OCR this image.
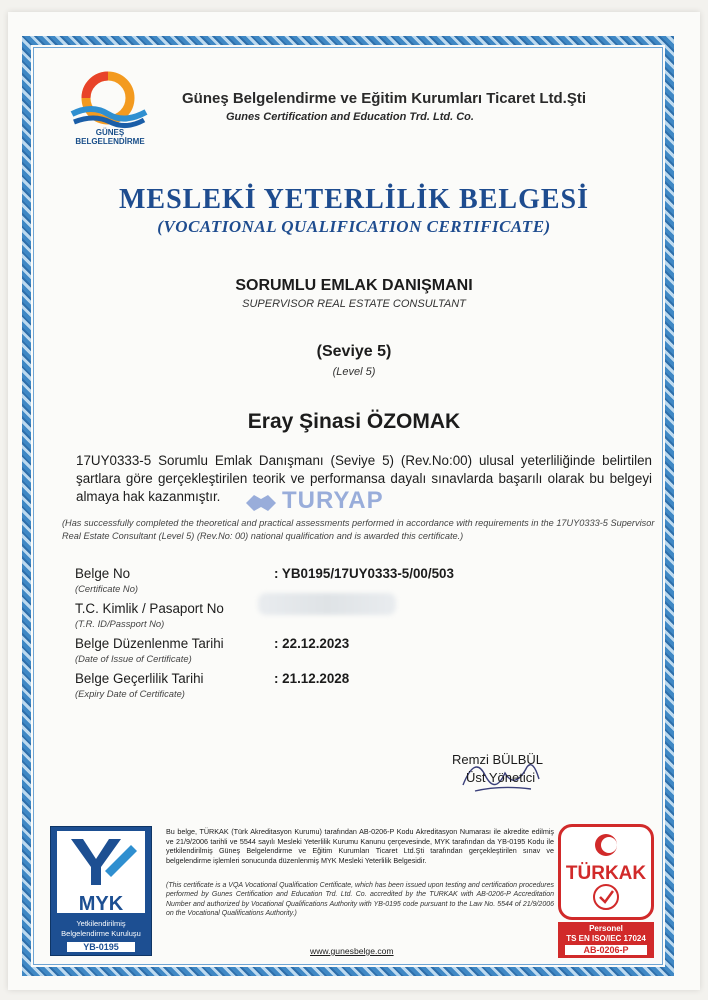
GÜNEŞ
BELGELENDİRME
Güneş Belgelendirme ve Eğitim Kurumları Ticaret Ltd.Şti
Gunes Certification and Education Trd. Ltd. Co.
MESLEKİ YETERLİLİK BELGESİ
(VOCATIONAL QUALIFICATION CERTIFICATE)
SORUMLU EMLAK DANIŞMANI
SUPERVISOR REAL ESTATE CONSULTANT
(Seviye 5)
(Level 5)
Eray Şinasi ÖZOMAK
17UY0333-5 Sorumlu Emlak Danışmanı (Seviye 5) (Rev.No:00) ulusal yeterliliğinde belirtilen şartlara göre gerçekleştirilen teorik ve performansa dayalı sınavlarda başarılı olarak bu belgeyi almaya hak kazanmıştır.	TURYAP
(Has successfully completed the theoretical and practical assessments performed in accordance with requirements in the 17UY0333-5 Supervisor Real Estate Consultant (Level 5) (Rev.No: 00) national qualification and is awarded this certificate.)
Belge No
(Certificate No)
: YB0195/17UY0333-5/00/503
T.C. Kimlik / Pasaport No
(T.R. ID/Passport No)
Belge Düzenlenme Tarihi
(Date of Issue of Certificate)
: 22.12.2023
Belge Geçerlilik Tarihi
(Expiry Date of Certificate)
: 21.12.2028
Remzi BÜLBÜL
Üst Yönetici
MYK
Yetkilendirilmiş
Belgelendirme Kuruluşu
YB-0195
Bu belge, TÜRKAK (Türk Akreditasyon Kurumu) tarafından AB-0206-P Kodu Akreditasyon Numarası ile akredite edilmiş ve 21/9/2006 tarihli ve 5544 sayılı Mesleki Yeterlilik Kurumu Kanunu çerçevesinde, MYK tarafından da YB-0195 Kodu ile yetkilendirilmiş Güneş Belgelendirme ve Eğitim Kurumları Ticaret Ltd.Şti tarafından gerçekleştirilen sınav ve belgelendirme işlemleri sonucunda düzenlenmiş MYK Mesleki Yeterlilik Belgesidir.
(This certificate is a VQA Vocational Qualification Certificate, which has been issued upon testing and certification procedures performed by Gunes Certification and Education Trd. Ltd. Co. accredited by the TURKAK with AB-0206-P Accreditation Number and authorized by Vocational Qualifications Authority with YB-0195 code pursuant to the Law No. 5544 of 21/9/2006 on the Vocational Qualifications Authority.)
www.gunesbelge.com
TÜRKAK
Personel
TS EN ISO/IEC 17024
AB-0206-P
